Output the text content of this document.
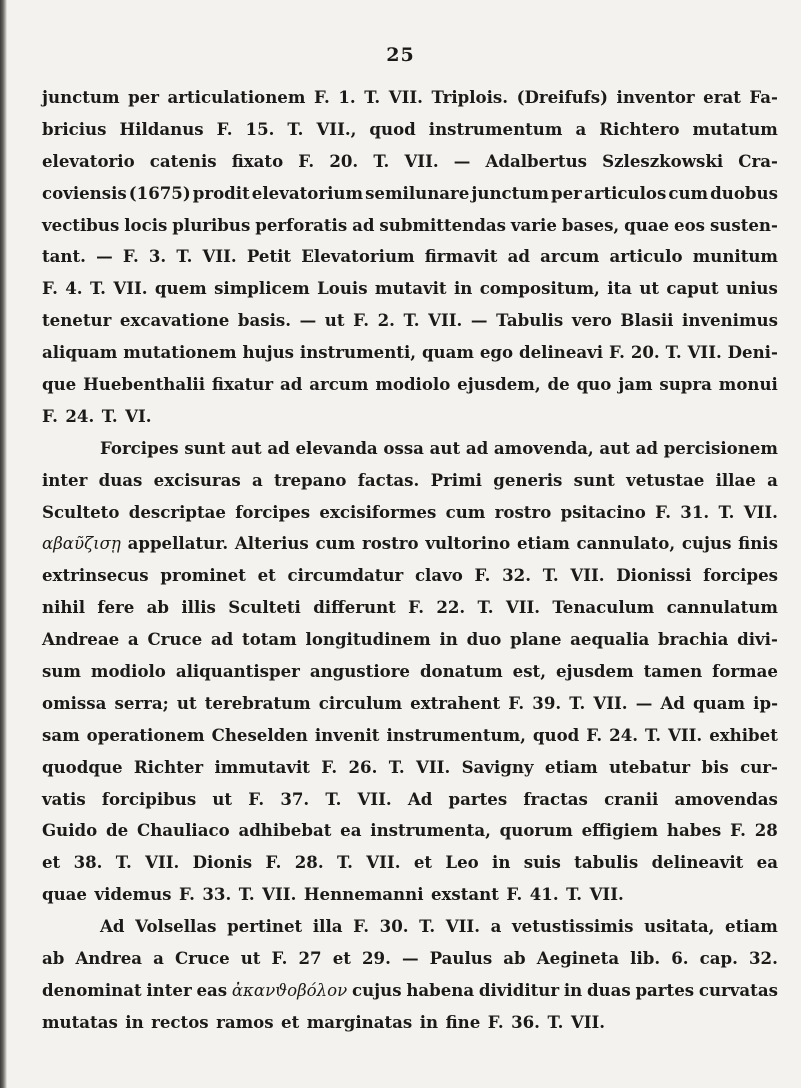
25
junctum per articulationem F. 1. T. VII. Triplois. (Dreifufs) inventor erat Fa-
bricius Hildanus F. 15. T. VII., quod instrumentum a Richtero mutatum
elevatorio catenis fixato F. 20. T. VII. — Adalbertus Szleszkowski Cra-
coviensis (1675) prodit elevatorium semilunare junctum per articulos cum duobus
vectibus locis pluribus perforatis ad submittendas varie bases, quae eos susten-
tant. — F. 3. T. VII. Petit Elevatorium firmavit ad arcum articulo munitum
F. 4. T. VII. quem simplicem Louis mutavit in compositum, ita ut caput unius
tenetur excavatione basis. — ut F. 2. T. VII. — Tabulis vero Blasii invenimus
aliquam mutationem hujus instrumenti, quam ego delineavi F. 20. T. VII. Deni-
que Huebenthalii fixatur ad arcum modiolo ejusdem, de quo jam supra monui
F. 24. T. VI.
Forcipes sunt aut ad elevanda ossa aut ad amovenda, aut ad percisionem
inter duas excisuras a trepano factas. Primi generis sunt vetustae illae a
Sculteto descriptae forcipes excisiformes cum rostro psitacino F. 31. T. VII.
αβαῦζισῃ appellatur. Alterius cum rostro vultorino etiam cannulato, cujus finis
extrinsecus prominet et circumdatur clavo F. 32. T. VII. Dionissi forcipes
nihil fere ab illis Sculteti differunt F. 22. T. VII. Tenaculum cannulatum
Andreae a Cruce ad totam longitudinem in duo plane aequalia brachia divi-
sum modiolo aliquantisper angustiore donatum est, ejusdem tamen formae
omissa serra; ut terebratum circulum extrahent F. 39. T. VII. — Ad quam ip-
sam operationem Cheselden invenit instrumentum, quod F. 24. T. VII. exhibet
quodque Richter immutavit F. 26. T. VII. Savigny etiam utebatur bis cur-
vatis forcipibus ut F. 37. T. VII. Ad partes fractas cranii amovendas
Guido de Chauliaco adhibebat ea instrumenta, quorum effigiem habes F. 28
et 38. T. VII. Dionis F. 28. T. VII. et Leo in suis tabulis delineavit ea
quae videmus F. 33. T. VII. Hennemanni exstant F. 41. T. VII.
Ad Volsellas pertinet illa F. 30. T. VII. a vetustissimis usitata, etiam
ab Andrea a Cruce ut F. 27 et 29. — Paulus ab Aegineta lib. 6. cap. 32.
denominat inter eas ἀκανϑοβόλον cujus habena dividitur in duas partes curvatas
mutatas in rectos ramos et marginatas in fine F. 36. T. VII.
